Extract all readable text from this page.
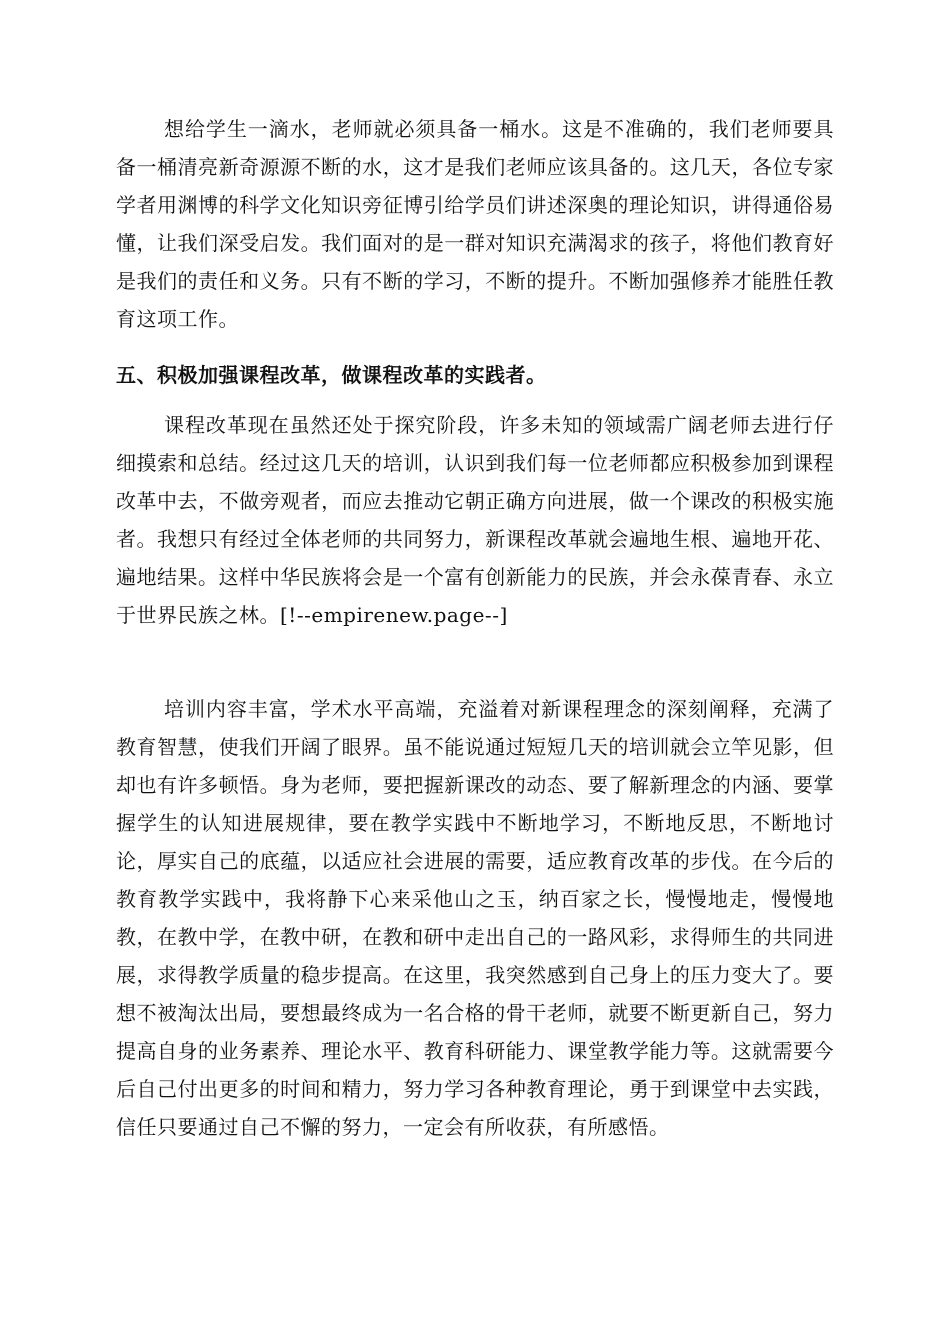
想给学生一滴水，老师就必须具备一桶水。这是不准确的，我们老师要具备一桶清亮新奇源源不断的水，这才是我们老师应该具备的。这几天，各位专家学者用渊博的科学文化知识旁征博引给学员们讲述深奥的理论知识，讲得通俗易懂，让我们深受启发。我们面对的是一群对知识充满渴求的孩子，将他们教育好是我们的责任和义务。只有不断的学习，不断的提升。不断加强修养才能胜任教育这项工作。

五、积极加强课程改革，做课程改革的实践者。

课程改革现在虽然还处于探究阶段，许多未知的领域需广阔老师去进行仔细摸索和总结。经过这几天的培训，认识到我们每一位老师都应积极参加到课程改革中去，不做旁观者，而应去推动它朝正确方向进展，做一个课改的积极实施者。我想只有经过全体老师的共同努力，新课程改革就会遍地生根、遍地开花、遍地结果。这样中华民族将会是一个富有创新能力的民族，并会永葆青春、永立于世界民族之林。[!--empirenew.page--]

培训内容丰富，学术水平高端，充溢着对新课程理念的深刻阐释，充满了教育智慧，使我们开阔了眼界。虽不能说通过短短几天的培训就会立竿见影，但却也有许多顿悟。身为老师，要把握新课改的动态、要了解新理念的内涵、要掌握学生的认知进展规律，要在教学实践中不断地学习，不断地反思，不断地讨论，厚实自己的底蕴，以适应社会进展的需要，适应教育改革的步伐。在今后的教育教学实践中，我将静下心来采他山之玉，纳百家之长，慢慢地走，慢慢地教，在教中学，在教中研，在教和研中走出自己的一路风彩，求得师生的共同进展，求得教学质量的稳步提高。在这里，我突然感到自己身上的压力变大了。要想不被淘汰出局，要想最终成为一名合格的骨干老师，就要不断更新自己，努力提高自身的业务素养、理论水平、教育科研能力、课堂教学能力等。这就需要今后自己付出更多的时间和精力，努力学习各种教育理论，勇于到课堂中去实践，信任只要通过自己不懈的努力，一定会有所收获，有所感悟。
